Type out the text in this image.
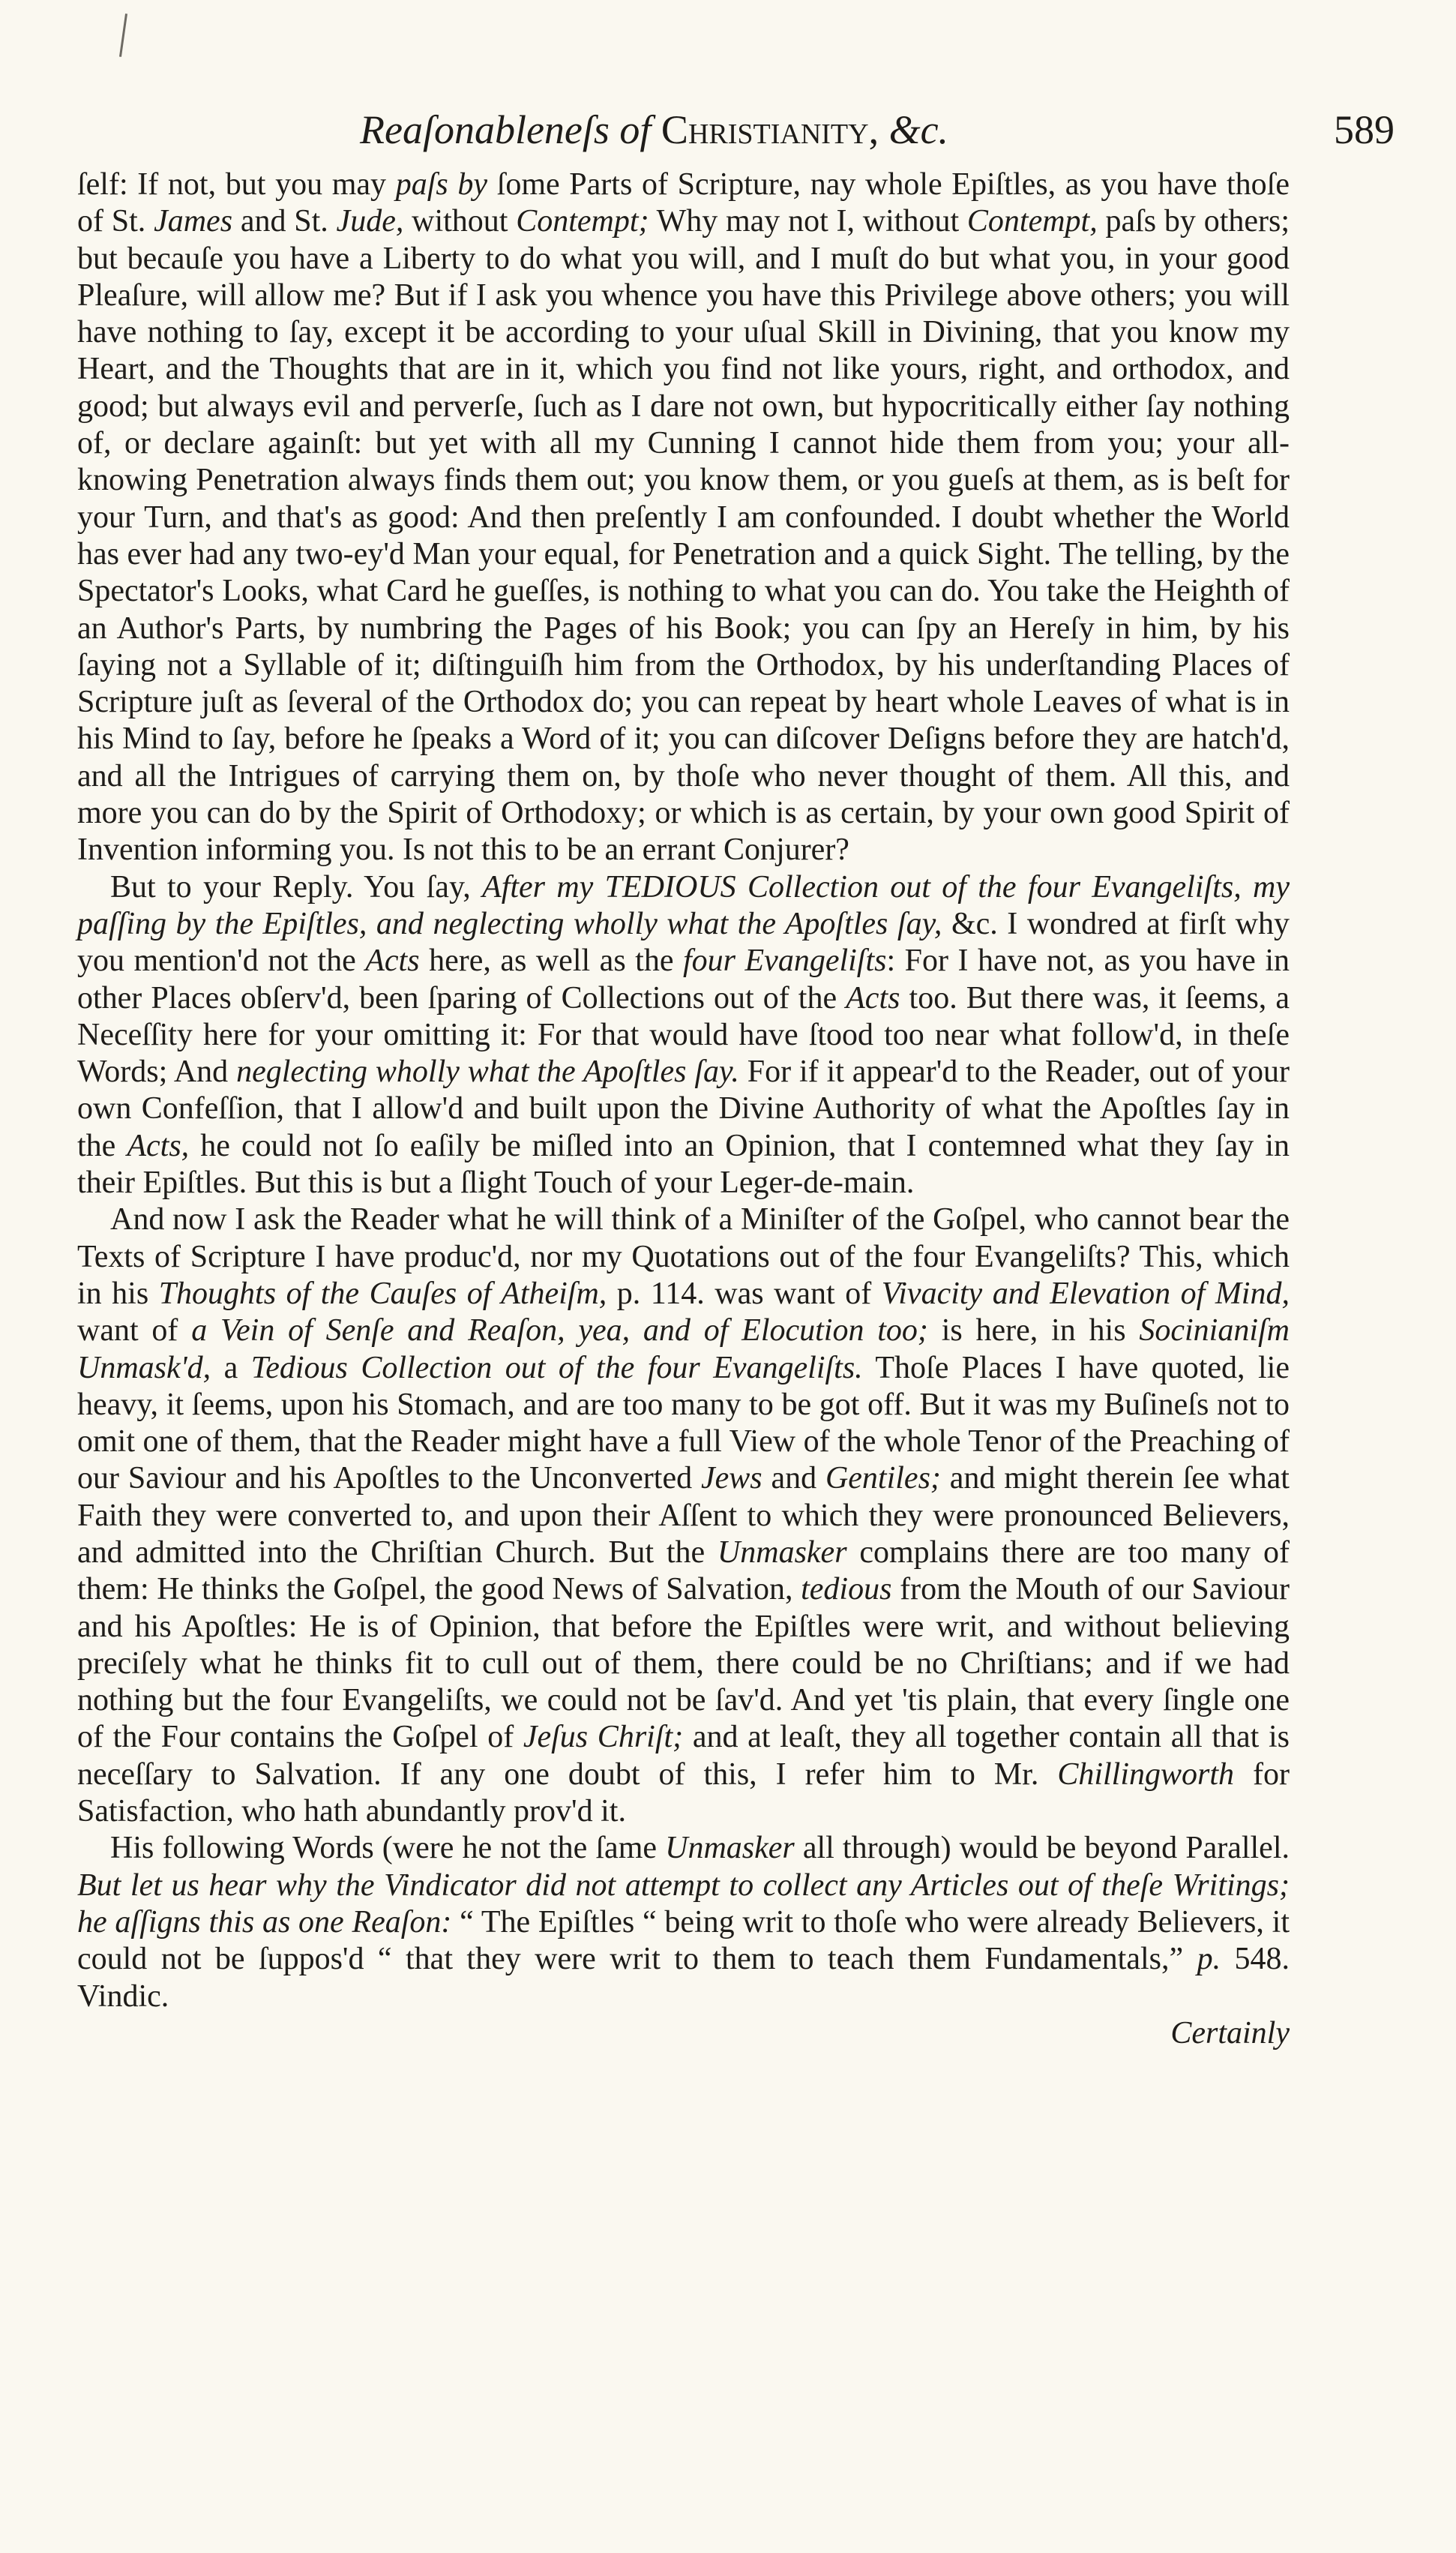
Reaſonableneſs of Christianity, &c.	589

ſelf: If not, but you may paſs by ſome Parts of Scripture, nay whole Epiſtles, as you have thoſe of St. James and St. Jude, without Contempt; Why may not I, without Contempt, paſs by others; but becauſe you have a Liberty to do what you will, and I muſt do but what you, in your good Pleaſure, will allow me? But if I ask you whence you have this Privilege above others; you will have nothing to ſay, except it be according to your uſual Skill in Divining, that you know my Heart, and the Thoughts that are in it, which you find not like yours, right, and orthodox, and good; but always evil and perverſe, ſuch as I dare not own, but hypocritically either ſay nothing of, or declare againſt: but yet with all my Cunning I cannot hide them from you; your all-knowing Penetration always finds them out; you know them, or you gueſs at them, as is beſt for your Turn, and that's as good: And then preſently I am confounded. I doubt whether the World has ever had any two-ey'd Man your equal, for Penetration and a quick Sight. The telling, by the Spectator's Looks, what Card he gueſſes, is nothing to what you can do. You take the Heighth of an Author's Parts, by numbring the Pages of his Book; you can ſpy an Hereſy in him, by his ſaying not a Syllable of it; diſtinguiſh him from the Orthodox, by his underſtanding Places of Scripture juſt as ſeveral of the Orthodox do; you can repeat by heart whole Leaves of what is in his Mind to ſay, before he ſpeaks a Word of it; you can diſcover Deſigns before they are hatch'd, and all the Intrigues of carrying them on, by thoſe who never thought of them. All this, and more you can do by the Spirit of Orthodoxy; or which is as certain, by your own good Spirit of Invention informing you. Is not this to be an errant Conjurer?

But to your Reply. You ſay, After my TEDIOUS Collection out of the four Evangeliſts, my paſſing by the Epiſtles, and neglecting wholly what the Apoſtles ſay, &c. I wondred at firſt why you mention'd not the Acts here, as well as the four Evangeliſts: For I have not, as you have in other Places obſerv'd, been ſparing of Collections out of the Acts too. But there was, it ſeems, a Neceſſity here for your omitting it: For that would have ſtood too near what follow'd, in theſe Words; And neglecting wholly what the Apoſtles ſay. For if it appear'd to the Reader, out of your own Confeſſion, that I allow'd and built upon the Divine Authority of what the Apoſtles ſay in the Acts, he could not ſo eaſily be miſled into an Opinion, that I contemned what they ſay in their Epiſtles. But this is but a ſlight Touch of your Leger-de-main.

And now I ask the Reader what he will think of a Miniſter of the Goſpel, who cannot bear the Texts of Scripture I have produc'd, nor my Quotations out of the four Evangeliſts? This, which in his Thoughts of the Cauſes of Atheiſm, p. 114. was want of Vivacity and Elevation of Mind, want of a Vein of Senſe and Reaſon, yea, and of Elocution too; is here, in his Socinianiſm Unmask'd, a Tedious Collection out of the four Evangeliſts. Thoſe Places I have quoted, lie heavy, it ſeems, upon his Stomach, and are too many to be got off. But it was my Buſineſs not to omit one of them, that the Reader might have a full View of the whole Tenor of the Preaching of our Saviour and his Apoſtles to the Unconverted Jews and Gentiles; and might therein ſee what Faith they were converted to, and upon their Aſſent to which they were pronounced Believers, and admitted into the Chriſtian Church. But the Unmasker complains there are too many of them: He thinks the Goſpel, the good News of Salvation, tedious from the Mouth of our Saviour and his Apoſtles: He is of Opinion, that before the Epiſtles were writ, and without believing preciſely what he thinks fit to cull out of them, there could be no Chriſtians; and if we had nothing but the four Evangeliſts, we could not be ſav'd. And yet 'tis plain, that every ſingle one of the Four contains the Goſpel of Jeſus Chriſt; and at leaſt, they all together contain all that is neceſſary to Salvation. If any one doubt of this, I refer him to Mr. Chillingworth for Satisfaction, who hath abundantly prov'd it.

His following Words (were he not the ſame Unmasker all through) would be beyond Parallel. But let us hear why the Vindicator did not attempt to collect any Articles out of theſe Writings; he aſſigns this as one Reaſon: “ The Epiſtles “ being writ to thoſe who were already Believers, it could not be ſuppos'd “ that they were writ to them to teach them Fundamentals,” p. 548. Vindic.

Certainly
